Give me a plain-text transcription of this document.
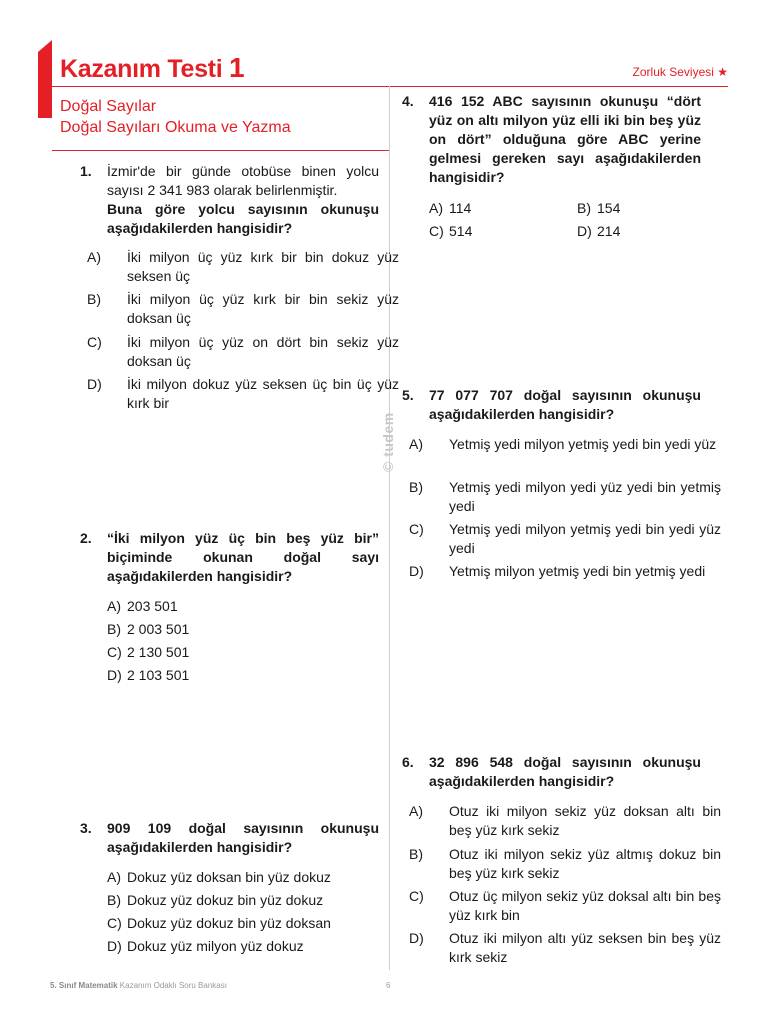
Kazanım Testi 1	Zorluk Seviyesi ★
Doğal Sayılar
Doğal Sayıları Okuma ve Yazma
© tudem
1. İzmir'de bir günde otobüse binen yolcu sayısı 2 341 983 olarak belirlenmiştir.
Buna göre yolcu sayısının okunuşu aşağıdakilerden hangisidir?
A) İki milyon üç yüz kırk bir bin dokuz yüz seksen üç
B) İki milyon üç yüz kırk bir bin sekiz yüz doksan üç
C) İki milyon üç yüz on dört bin sekiz yüz doksan üç
D) İki milyon dokuz yüz seksen üç bin üç yüz kırk bir
2. “İki milyon yüz üç bin beş yüz bir” biçiminde okunan doğal sayı aşağıdakilerden hangisidir?
A) 203 501
B) 2 003 501
C) 2 130 501
D) 2 103 501
3. 909 109 doğal sayısının okunuşu aşağıdakilerden hangisidir?
A) Dokuz yüz doksan bin yüz dokuz
B) Dokuz yüz dokuz bin yüz dokuz
C) Dokuz yüz dokuz bin yüz doksan
D) Dokuz yüz milyon yüz dokuz
4. 416 152 ABC sayısının okunuşu “dört yüz on altı milyon yüz elli iki bin beş yüz on dört” olduğuna göre ABC yerine gelmesi gereken sayı aşağıdakilerden hangisidir?
A) 114	B) 154
C) 514	D) 214
5. 77 077 707 doğal sayısının okunuşu aşağıdakilerden hangisidir?
A) Yetmiş yedi milyon yetmiş yedi bin yedi yüz
B) Yetmiş yedi milyon yedi yüz yedi bin yetmiş yedi
C) Yetmiş yedi milyon yetmiş yedi bin yedi yüz yedi
D) Yetmiş milyon yetmiş yedi bin yetmiş yedi
6. 32 896 548 doğal sayısının okunuşu aşağıdakilerden hangisidir?
A) Otuz iki milyon sekiz yüz doksan altı bin beş yüz kırk sekiz
B) Otuz iki milyon sekiz yüz altmış dokuz bin beş yüz kırk sekiz
C) Otuz üç milyon sekiz yüz doksal altı bin beş yüz kırk bin
D) Otuz iki milyon altı yüz seksen bin beş yüz kırk sekiz
5. Sınıf Matematik Kazanım Odaklı Soru Bankası	6
